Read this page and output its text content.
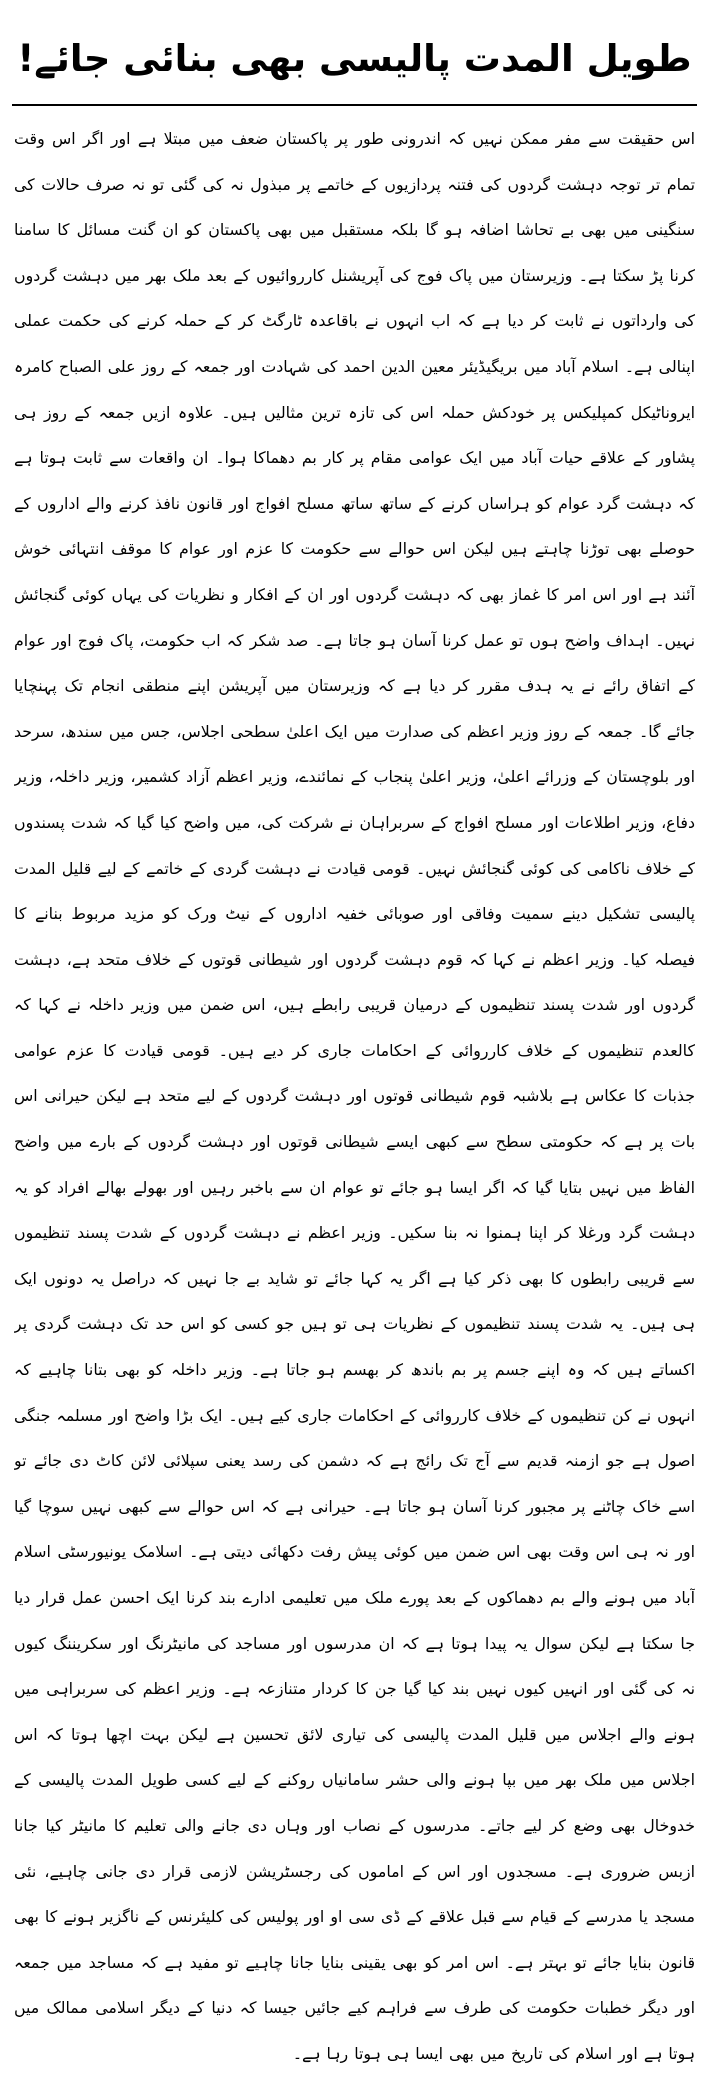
طویل المدت پالیسی بھی بنائی جائے!

اس حقیقت سے مفر ممکن نہیں کہ اندرونی طور پر پاکستان ضعف میں مبتلا ہے اور اگر اس وقت تمام تر توجہ دہشت گردوں کی فتنہ پردازیوں کے خاتمے پر مبذول نہ کی گئی تو نہ صرف حالات کی سنگینی میں بھی بے تحاشا اضافہ ہو گا بلکہ مستقبل میں بھی پاکستان کو ان گنت مسائل کا سامنا کرنا پڑ سکتا ہے۔ وزیرستان میں پاک فوج کی آپریشنل کارروائیوں کے بعد ملک بھر میں دہشت گردوں کی وارداتوں نے ثابت کر دیا ہے کہ اب انہوں نے باقاعدہ ٹارگٹ کر کے حملہ کرنے کی حکمت عملی اپنالی ہے۔ اسلام آباد میں بریگیڈیئر معین الدین احمد کی شہادت اور جمعہ کے روز علی الصباح کامرہ ایروناٹیکل کمپلیکس پر خودکش حملہ اس کی تازہ ترین مثالیں ہیں۔ علاوہ ازیں جمعہ کے روز ہی پشاور کے علاقے حیات آباد میں ایک عوامی مقام پر کار بم دھماکا ہوا۔ ان واقعات سے ثابت ہوتا ہے کہ دہشت گرد عوام کو ہراساں کرنے کے ساتھ ساتھ مسلح افواج اور قانون نافذ کرنے والے اداروں کے حوصلے بھی توڑنا چاہتے ہیں لیکن اس حوالے سے حکومت کا عزم اور عوام کا موقف انتہائی خوش آئند ہے اور اس امر کا غماز بھی کہ دہشت گردوں اور ان کے افکار و نظریات کی یہاں کوئی گنجائش نہیں۔ اہداف واضح ہوں تو عمل کرنا آسان ہو جاتا ہے۔ صد شکر کہ اب حکومت، پاک فوج اور عوام کے اتفاق رائے نے یہ ہدف مقرر کر دیا ہے کہ وزیرستان میں آپریشن اپنے منطقی انجام تک پہنچایا جائے گا۔ جمعہ کے روز وزیر اعظم کی صدارت میں ایک اعلیٰ سطحی اجلاس، جس میں سندھ، سرحد اور بلوچستان کے وزرائے اعلیٰ، وزیر اعلیٰ پنجاب کے نمائندے، وزیر اعظم آزاد کشمیر، وزیر داخلہ، وزیر دفاع، وزیر اطلاعات اور مسلح افواج کے سربراہان نے شرکت کی، میں واضح کیا گیا کہ شدت پسندوں کے خلاف ناکامی کی کوئی گنجائش نہیں۔ قومی قیادت نے دہشت گردی کے خاتمے کے لیے قلیل المدت پالیسی تشکیل دینے سمیت وفاقی اور صوبائی خفیہ اداروں کے نیٹ ورک کو مزید مربوط بنانے کا فیصلہ کیا۔ وزیر اعظم نے کہا کہ قوم دہشت گردوں اور شیطانی قوتوں کے خلاف متحد ہے، دہشت گردوں اور شدت پسند تنظیموں کے درمیان قریبی رابطے ہیں، اس ضمن میں وزیر داخلہ نے کہا کہ کالعدم تنظیموں کے خلاف کارروائی کے احکامات جاری کر دیے ہیں۔ قومی قیادت کا عزم عوامی جذبات کا عکاس ہے بلاشبہ قوم شیطانی قوتوں اور دہشت گردوں کے لیے متحد ہے لیکن حیرانی اس بات پر ہے کہ حکومتی سطح سے کبھی ایسے شیطانی قوتوں اور دہشت گردوں کے بارے میں واضح الفاظ میں نہیں بتایا گیا کہ اگر ایسا ہو جائے تو عوام ان سے باخبر رہیں اور بھولے بھالے افراد کو یہ دہشت گرد ورغلا کر اپنا ہمنوا نہ بنا سکیں۔ وزیر اعظم نے دہشت گردوں کے شدت پسند تنظیموں سے قریبی رابطوں کا بھی ذکر کیا ہے اگر یہ کہا جائے تو شاید بے جا نہیں کہ دراصل یہ دونوں ایک ہی ہیں۔ یہ شدت پسند تنظیموں کے نظریات ہی تو ہیں جو کسی کو اس حد تک دہشت گردی پر اکساتے ہیں کہ وہ اپنے جسم پر بم باندھ کر بھسم ہو جاتا ہے۔ وزیر داخلہ کو بھی بتانا چاہیے کہ انہوں نے کن تنظیموں کے خلاف کارروائی کے احکامات جاری کیے ہیں۔ ایک بڑا واضح اور مسلمہ جنگی اصول ہے جو ازمنہ قدیم سے آج تک رائج ہے کہ دشمن کی رسد یعنی سپلائی لائن کاٹ دی جائے تو اسے خاک چاٹنے پر مجبور کرنا آسان ہو جاتا ہے۔ حیرانی ہے کہ اس حوالے سے کبھی نہیں سوچا گیا اور نہ ہی اس وقت بھی اس ضمن میں کوئی پیش رفت دکھائی دیتی ہے۔ اسلامک یونیورسٹی اسلام آباد میں ہونے والے بم دھماکوں کے بعد پورے ملک میں تعلیمی ادارے بند کرنا ایک احسن عمل قرار دیا جا سکتا ہے لیکن سوال یہ پیدا ہوتا ہے کہ ان مدرسوں اور مساجد کی مانیٹرنگ اور سکریننگ کیوں نہ کی گئی اور انہیں کیوں نہیں بند کیا گیا جن کا کردار متنازعہ ہے۔ وزیر اعظم کی سربراہی میں ہونے والے اجلاس میں قلیل المدت پالیسی کی تیاری لائق تحسین ہے لیکن بہت اچھا ہوتا کہ اس اجلاس میں ملک بھر میں بپا ہونے والی حشر سامانیاں روکنے کے لیے کسی طویل المدت پالیسی کے خدوخال بھی وضع کر لیے جاتے۔ مدرسوں کے نصاب اور وہاں دی جانے والی تعلیم کا مانیٹر کیا جانا ازبس ضروری ہے۔ مسجدوں اور اس کے اماموں کی رجسٹریشن لازمی قرار دی جانی چاہیے، نئی مسجد یا مدرسے کے قیام سے قبل علاقے کے ڈی سی او اور پولیس کی کلیئرنس کے ناگزیر ہونے کا بھی قانون بنایا جائے تو بہتر ہے۔ اس امر کو بھی یقینی بنایا جانا چاہیے تو مفید ہے کہ مساجد میں جمعہ اور دیگر خطبات حکومت کی طرف سے فراہم کیے جائیں جیسا کہ دنیا کے دیگر اسلامی ممالک میں ہوتا ہے اور اسلام کی تاریخ میں بھی ایسا ہی ہوتا رہا ہے۔
